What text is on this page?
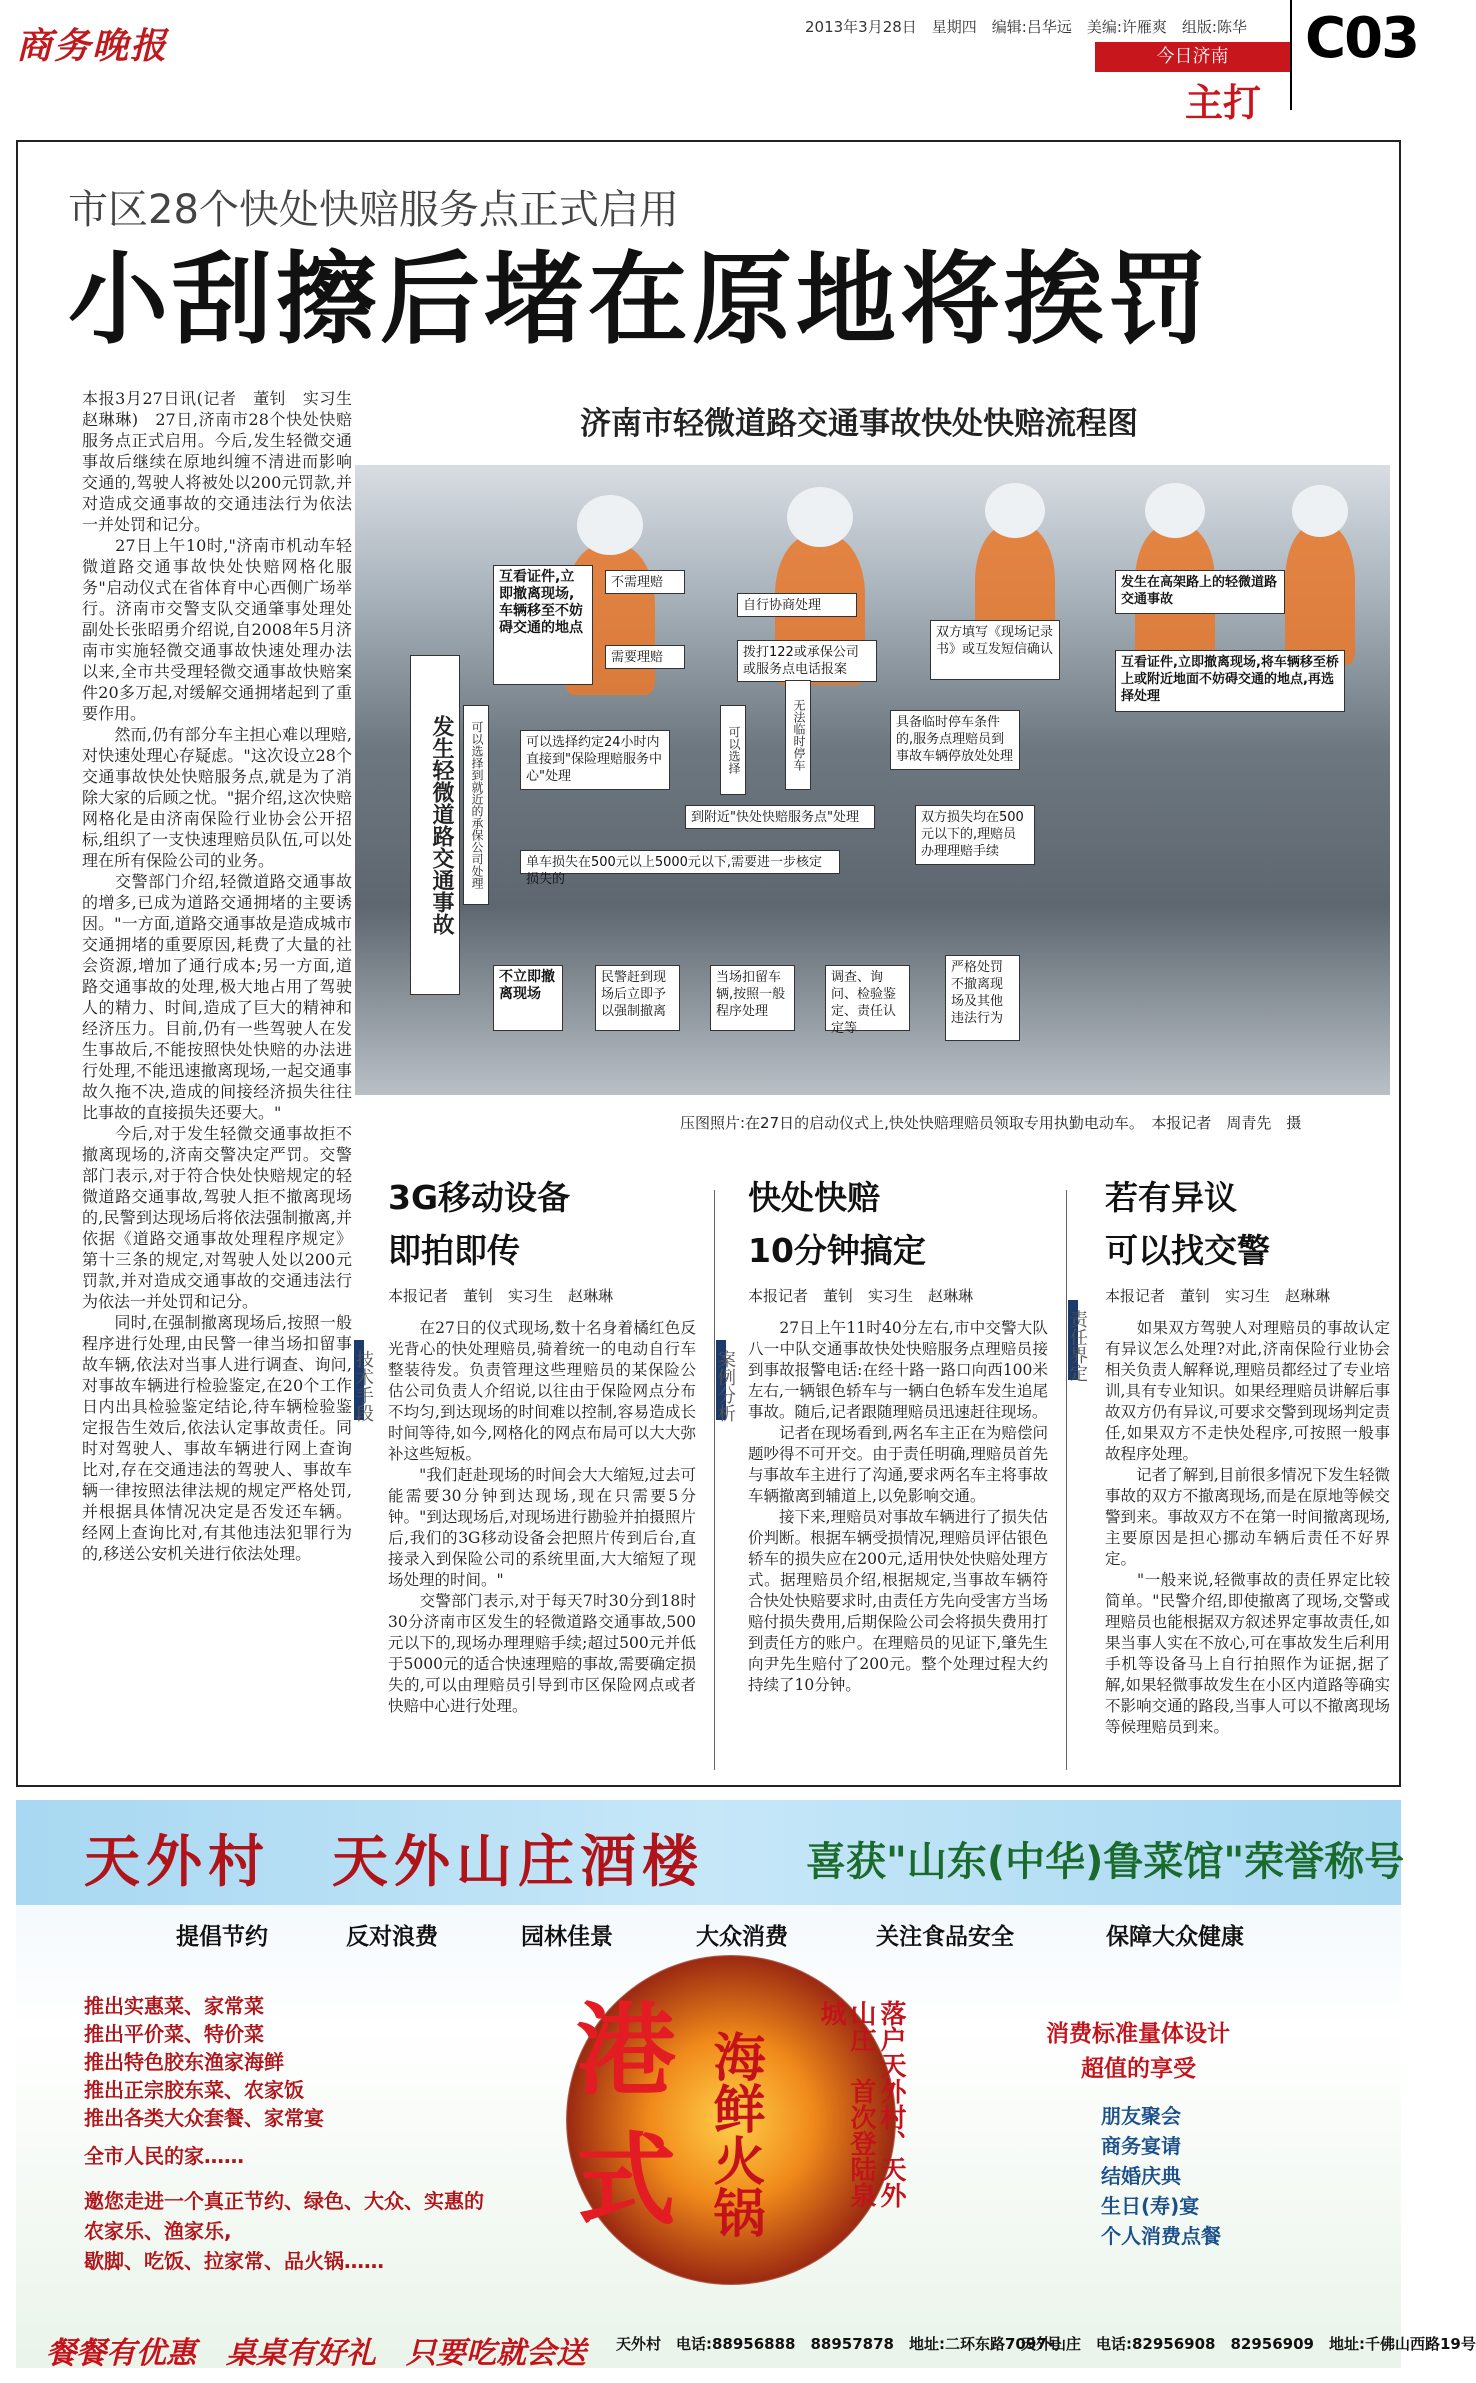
商务晚报	2013年3月28日　星期四　编辑:吕华远　美编:许雁爽　组版:陈华
今日济南
主打
C03
市区28个快处快赔服务点正式启用
小刮擦后堵在原地将挨罚
本报3月27日讯(记者　董钊　实习生　赵琳琳)　27日,济南市28个快处快赔服务点正式启用。今后,发生轻微交通事故后继续在原地纠缠不清进而影响交通的,驾驶人将被处以200元罚款,并对造成交通事故的交通违法行为依法一并处罚和记分。
　　27日上午10时,"济南市机动车轻微道路交通事故快处快赔网格化服务"启动仪式在省体育中心西侧广场举行。济南市交警支队交通肇事处理处副处长张昭勇介绍说,自2008年5月济南市实施轻微交通事故快速处理办法以来,全市共受理轻微交通事故快赔案件20多万起,对缓解交通拥堵起到了重要作用。
　　然而,仍有部分车主担心难以理赔,对快速处理心存疑虑。"这次设立28个交通事故快处快赔服务点,就是为了消除大家的后顾之忧。"据介绍,这次快赔网格化是由济南保险行业协会公开招标,组织了一支快速理赔员队伍,可以处理在所有保险公司的业务。
　　交警部门介绍,轻微道路交通事故的增多,已成为道路交通拥堵的主要诱因。"一方面,道路交通事故是造成城市交通拥堵的重要原因,耗费了大量的社会资源,增加了通行成本;另一方面,道路交通事故的处理,极大地占用了驾驶人的精力、时间,造成了巨大的精神和经济压力。目前,仍有一些驾驶人在发生事故后,不能按照快处快赔的办法进行处理,不能迅速撤离现场,一起交通事故久拖不决,造成的间接经济损失往往比事故的直接损失还要大。"
　　今后,对于发生轻微交通事故拒不撤离现场的,济南交警决定严罚。交警部门表示,对于符合快处快赔规定的轻微道路交通事故,驾驶人拒不撤离现场的,民警到达现场后将依法强制撤离,并依据《道路交通事故处理程序规定》第十三条的规定,对驾驶人处以200元罚款,并对造成交通事故的交通违法行为依法一并处罚和记分。
　　同时,在强制撤离现场后,按照一般程序进行处理,由民警一律当场扣留事故车辆,依法对当事人进行调查、询问,对事故车辆进行检验鉴定,在20个工作日内出具检验鉴定结论,待车辆检验鉴定报告生效后,依法认定事故责任。同时对驾驶人、事故车辆进行网上查询比对,存在交通违法的驾驶人、事故车辆一律按照法律法规的规定严格处罚,并根据具体情况决定是否发还车辆。经网上查询比对,有其他违法犯罪行为的,移送公安机关进行依法处理。
济南市轻微道路交通事故快处快赔流程图
发生轻微道路交通事故
互看证件,立即撤离现场,车辆移至不妨碍交通的地点
不需理赔
自行协商处理
需要理赔	拨打122或承保公司或服务点电话报案
双方填写《现场记录书》或互发短信确认
发生在高架路上的轻微道路交通事故
互看证件,立即撤离现场,将车辆移至桥上或附近地面不妨碍交通的地点,再选择处理
可以选择到就近的承保公司处理	可以选择约定24小时内直接到"保险理赔服务中心"处理
可以选择	无法临时停车	具备临时停车条件的,服务点理赔员到事故车辆停放处处理
到附近"快处快赔服务点"处理	双方损失均在500元以下的,理赔员办理理赔手续
单车损失在500元以上5000元以下,需要进一步核定损失的
不立即撤离现场
民警赶到现场后立即予以强制撤离
当场扣留车辆,按照一般程序处理
调查、询问、检验鉴定、责任认定等
严格处罚不撤离现场及其他违法行为
压图照片:在27日的启动仪式上,快处快赔理赔员领取专用执勤电动车。　本报记者　周青先　摄
3G移动设备
即拍即传
本报记者　董钊　实习生　赵琳琳
技术手段
　　在27日的仪式现场,数十名身着橘红色反光背心的快处理赔员,骑着统一的电动自行车整装待发。负责管理这些理赔员的某保险公估公司负责人介绍说,以往由于保险网点分布不均匀,到达现场的时间难以控制,容易造成长时间等待,如今,网格化的网点布局可以大大弥补这些短板。
　　"我们赶赴现场的时间会大大缩短,过去可能需要30分钟到达现场,现在只需要5分钟。"到达现场后,对现场进行勘验并拍摄照片后,我们的3G移动设备会把照片传到后台,直接录入到保险公司的系统里面,大大缩短了现场处理的时间。"
　　交警部门表示,对于每天7时30分到18时30分济南市区发生的轻微道路交通事故,500元以下的,现场办理理赔手续;超过500元并低于5000元的适合快速理赔的事故,需要确定损失的,可以由理赔员引导到市区保险网点或者快赔中心进行处理。
快处快赔
10分钟搞定
本报记者　董钊　实习生　赵琳琳
案例分析
　　27日上午11时40分左右,市中交警大队八一中队交通事故快处快赔服务点理赔员接到事故报警电话:在经十路一路口向西100米左右,一辆银色轿车与一辆白色轿车发生追尾事故。随后,记者跟随理赔员迅速赶往现场。
　　记者在现场看到,两名车主正在为赔偿问题吵得不可开交。由于责任明确,理赔员首先与事故车主进行了沟通,要求两名车主将事故车辆撤离到辅道上,以免影响交通。
　　接下来,理赔员对事故车辆进行了损失估价判断。根据车辆受损情况,理赔员评估银色轿车的损失应在200元,适用快处快赔处理方式。据理赔员介绍,根据规定,当事故车辆符合快处快赔要求时,由责任方先向受害方当场赔付损失费用,后期保险公司会将损失费用打到责任方的账户。在理赔员的见证下,肇先生向尹先生赔付了200元。整个处理过程大约持续了10分钟。
若有异议
可以找交警
本报记者　董钊　实习生　赵琳琳
责任界定	　　如果双方驾驶人对理赔员的事故认定有异议怎么处理?对此,济南保险行业协会相关负责人解释说,理赔员都经过了专业培训,具有专业知识。如果经理赔员讲解后事故双方仍有异议,可要求交警到现场判定责任,如果双方不走快处程序,可按照一般事故程序处理。
　　记者了解到,目前很多情况下发生轻微事故的双方不撤离现场,而是在原地等候交警到来。事故双方不在第一时间撤离现场,主要原因是担心挪动车辆后责任不好界定。
　　"一般来说,轻微事故的责任界定比较简单。"民警介绍,即使撤离了现场,交警或理赔员也能根据双方叙述界定事故责任,如果当事人实在不放心,可在事故发生后利用手机等设备马上自行拍照作为证据,据了解,如果轻微事故发生在小区内道路等确实不影响交通的路段,当事人可以不撤离现场等候理赔员到来。
天外村　天外山庄酒楼	喜获"山东(中华)鲁菜馆"荣誉称号
提倡节约	反对浪费	园林佳景	大众消费	关注食品安全	保障大众健康
推出实惠菜、家常菜
推出平价菜、特价菜
推出特色胶东渔家海鲜
推出正宗胶东菜、农家饭
推出各类大众套餐、家常宴
全市人民的家……
邀您走进一个真正节约、绿色、大众、实惠的
农家乐、渔家乐,
歇脚、吃饭、拉家常、品火锅……
港
式 海鲜火锅	落户天外村、天外山庄　首次登陆泉城
消费标准量体设计
超值的享受
朋友聚会
商务宴请
结婚庆典
生日(寿)宴
个人消费点餐
餐餐有优惠　桌桌有好礼　只要吃就会送 天外村　电话:88956888　88957878　地址:二环东路7097号
天外山庄　电话:82956908　82956909　地址:千佛山西路19号
